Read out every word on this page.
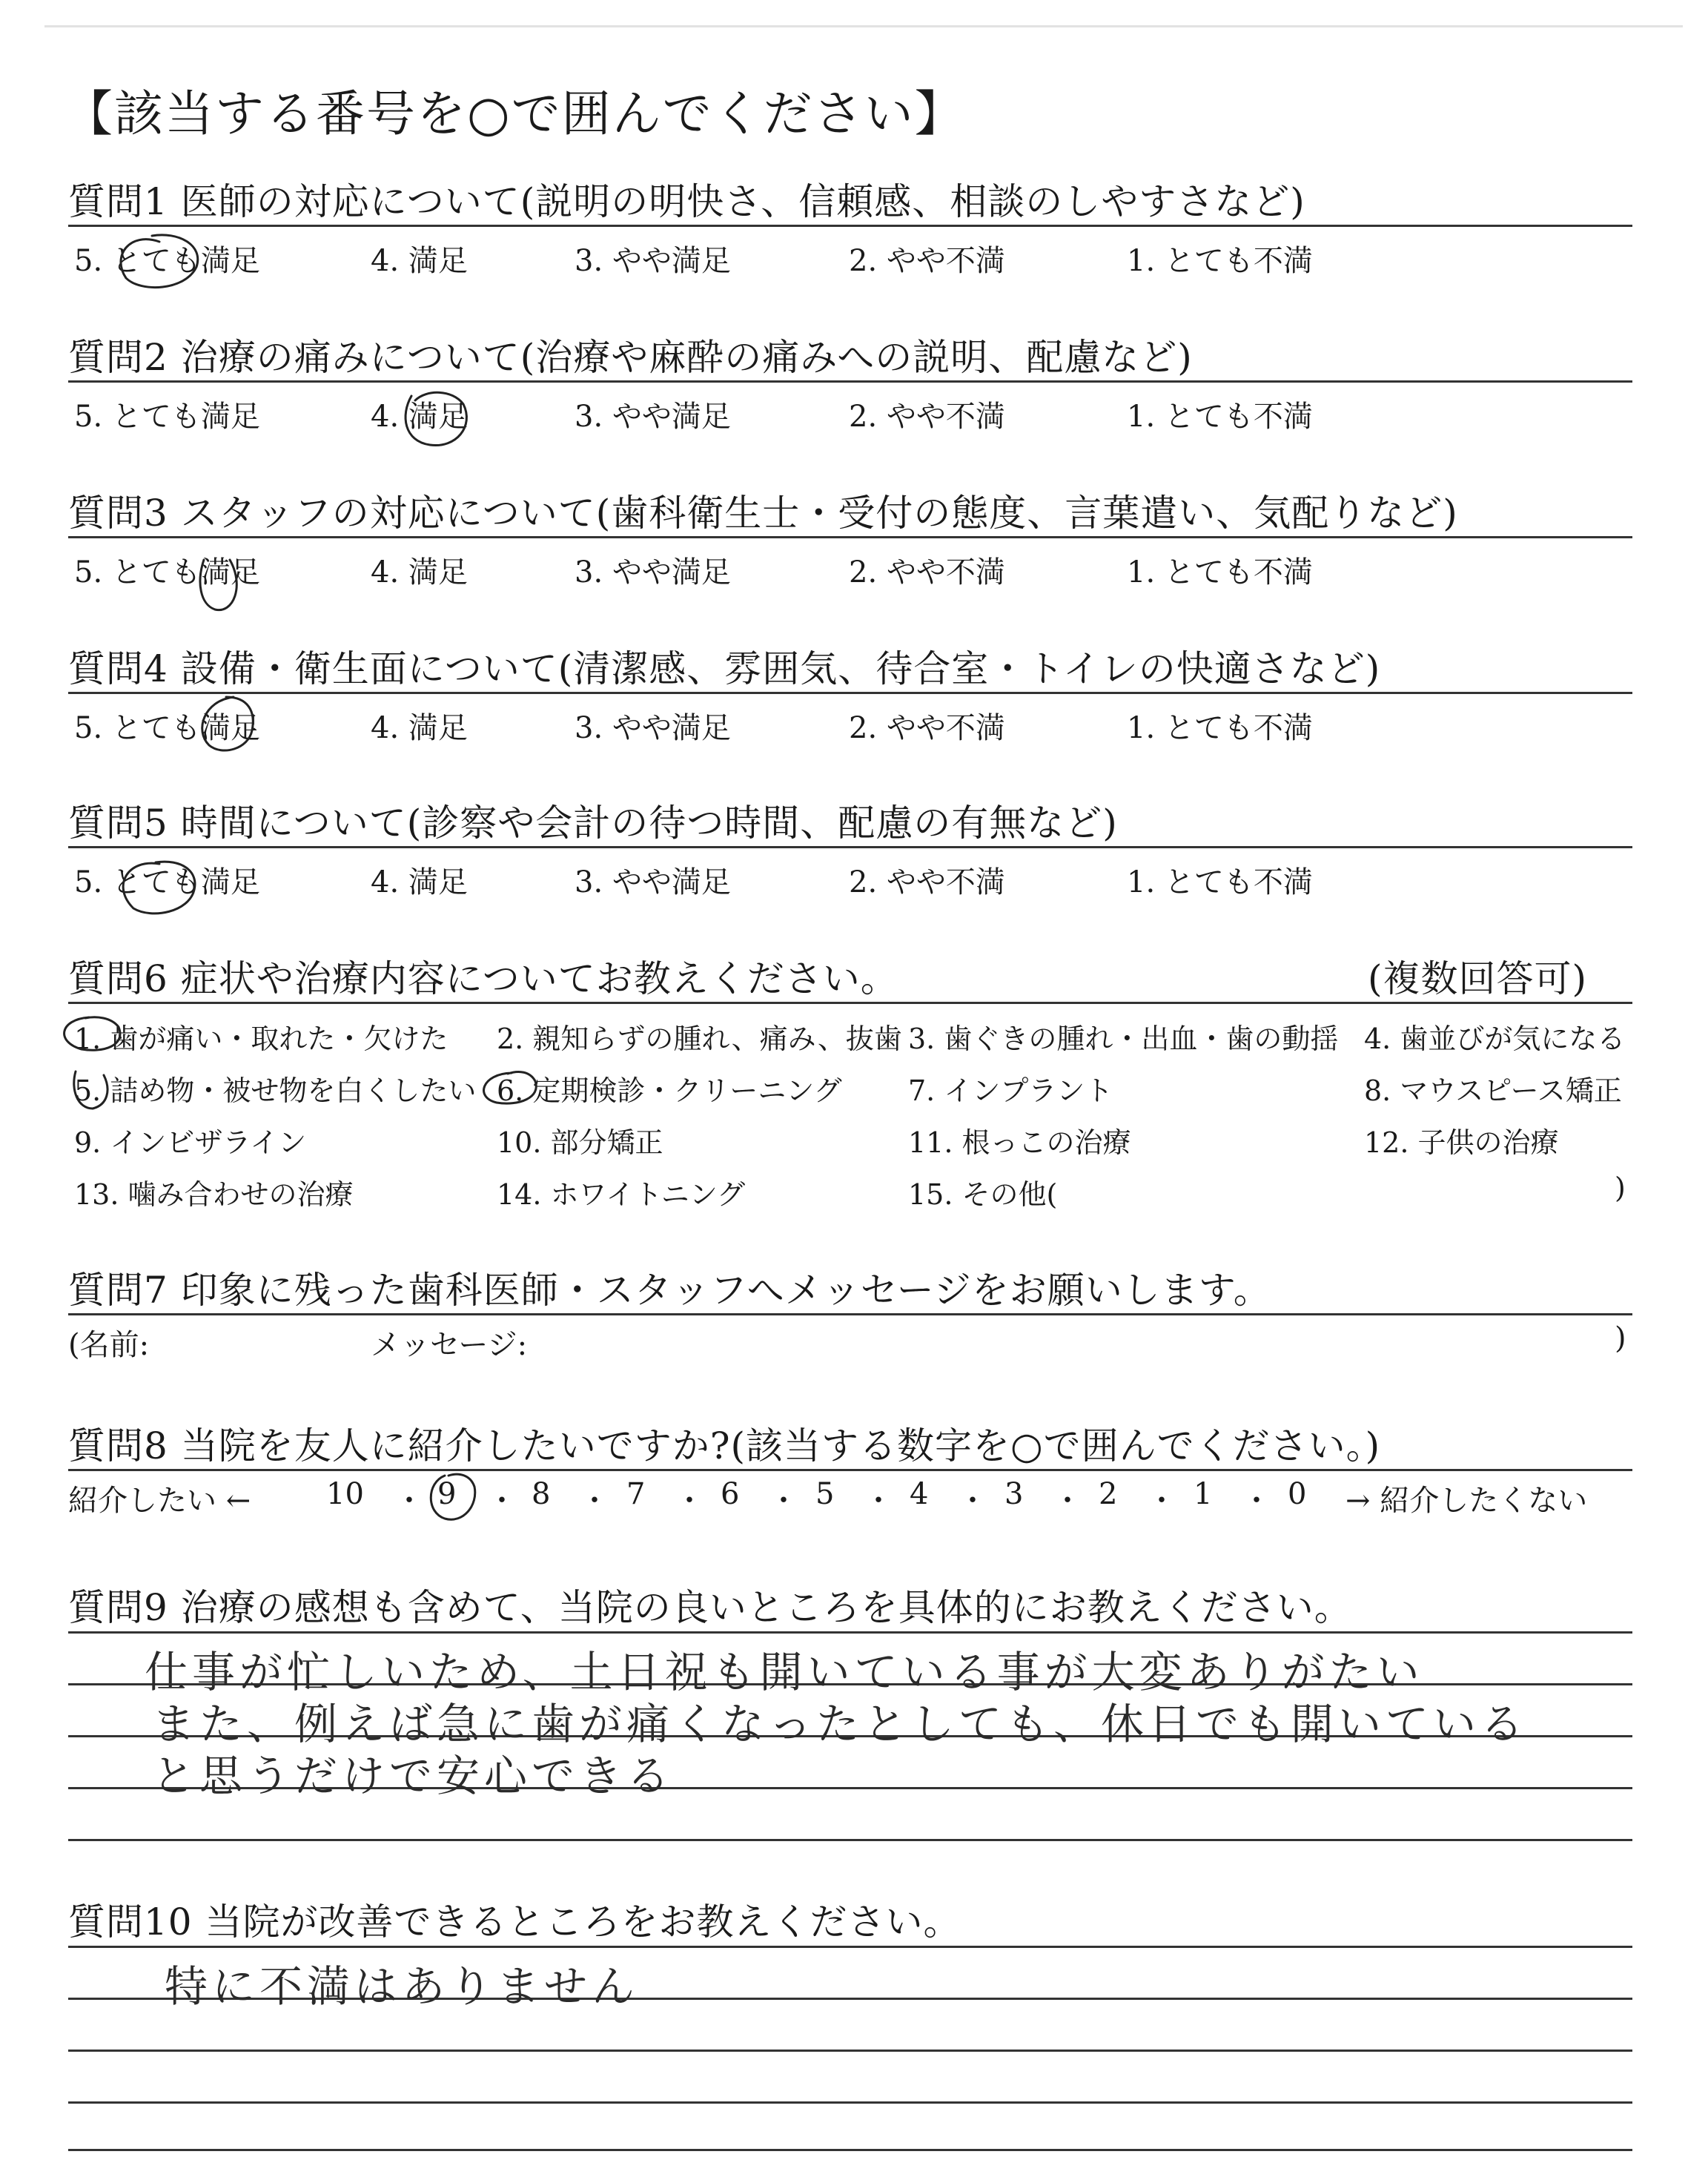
【該当する番号を○で囲んでください】
質問1 医師の対応について(説明の明快さ、信頼感、相談のしやすさなど)
5. とても満足	4. 満足	3. やや満足	2. やや不満	1. とても不満
質問2 治療の痛みについて(治療や麻酔の痛みへの説明、配慮など)
5. とても満足	4. 満足	3. やや満足	2. やや不満	1. とても不満
質問3 スタッフの対応について(歯科衛生士・受付の態度、言葉遣い、気配りなど)
5. とても満足	4. 満足	3. やや満足	2. やや不満	1. とても不満
質問4 設備・衛生面について(清潔感、雰囲気、待合室・トイレの快適さなど)
5. とても満足	4. 満足	3. やや満足	2. やや不満	1. とても不満
質問5 時間について(診察や会計の待つ時間、配慮の有無など)
5. とても満足	4. 満足	3. やや満足	2. やや不満	1. とても不満
質問6 症状や治療内容についてお教えください。	(複数回答可)
1. 歯が痛い・取れた・欠けた 2. 親知らずの腫れ、痛み、抜歯 3. 歯ぐきの腫れ・出血・歯の動揺 4. 歯並びが気になる
5. 詰め物・被せ物を白くしたい 6. 定期検診・クリーニング 7. インプラント	8. マウスピース矯正
9. インビザライン	10. 部分矯正	11. 根っこの治療	12. 子供の治療
13. 噛み合わせの治療	14. ホワイトニング	15. その他(	)
質問7 印象に残った歯科医師・スタッフへメッセージをお願いします。
(名前:	メッセージ:	)
質問8 当院を友人に紹介したいですか?(該当する数字を○で囲んでください。)
紹介したい ←	→ 紹介したくない
10 ・ 9 ・ 8 ・ 7 ・ 6 ・ 5 ・ 4 ・ 3 ・ 2 ・ 1 ・ 0
質問9 治療の感想も含めて、当院の良いところを具体的にお教えください。
仕事が忙しいため、土日祝も開いている事が大変ありがたい
また、例えば急に歯が痛くなったとしても、休日でも開いている
と思うだけで安心できる
質問10 当院が改善できるところをお教えください。
特に不満はありません
